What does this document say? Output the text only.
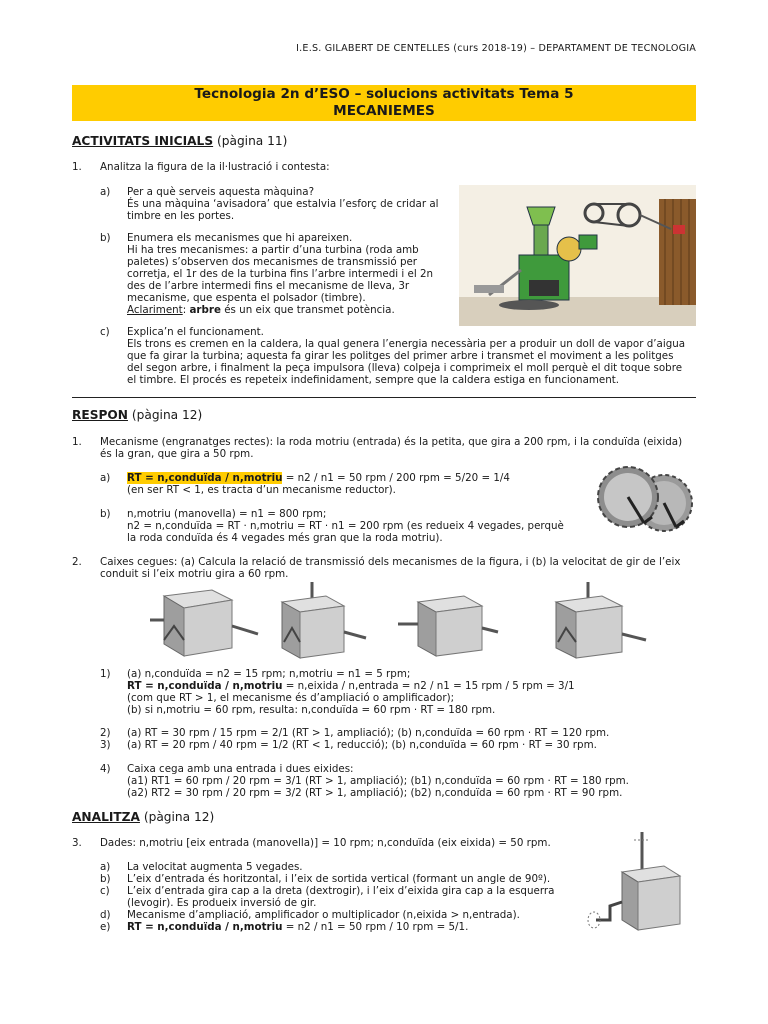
I.E.S. GILABERT DE CENTELLES (curs 2018-19) – DEPARTAMENT DE TECNOLOGIA
Tecnologia 2n d’ESO – solucions activitats Tema 5
MECANIEMES
ACTIVITATS INICIALS (pàgina 11)
1. Analitza la figura de la il·lustració i contesta:
a) Per a què serveis aquesta màquina?
És una màquina ‘avisadora’ que estalvia l’esforç de cridar al
timbre en les portes.
b) Enumera els mecanismes que hi apareixen.
Hi ha tres mecanismes: a partir d’una turbina (roda amb
paletes) s’observen dos mecanismes de transmissió per
corretja, el 1r des de la turbina fins l’arbre intermedi i el 2n
des de l’arbre intermedi fins el mecanisme de lleva, 3r
mecanisme, que espenta el polsador (timbre).
Aclariment: arbre és un eix que transmet potència.
c) Explica’n el funcionament.
Els trons es cremen en la caldera, la qual genera l’energia necessària per a produir un doll de vapor d’aigua
que fa girar la turbina; aquesta fa girar les politges del primer arbre i transmet el moviment a les politges
del segon arbre, i finalment la peça impulsora (lleva) colpeja i comprimeix el moll perquè el dit toque sobre
el timbre. El procés es repeteix indefinidament, sempre que la caldera estiga en funcionament.
RESPON (pàgina 12)
1. Mecanisme (engranatges rectes): la roda motriu (entrada) és la petita, que gira a 200 rpm, i la conduïda (eixida)
és la gran, que gira a 50 rpm.
a) RT = n,conduïda / n,motriu = n2 / n1 = 50 rpm / 200 rpm = 5/20 = 1/4
(en ser RT < 1, es tracta d’un mecanisme reductor).
b) n,motriu (manovella) = n1 = 800 rpm;
n2 = n,conduïda = RT · n,motriu = RT · n1 = 200 rpm (es redueix 4 vegades, perquè
la roda conduïda és 4 vegades més gran que la roda motriu).
2. Caixes cegues: (a) Calcula la relació de transmissió dels mecanismes de la figura, i (b) la velocitat de gir de l’eix
conduit si l’eix motriu gira a 60 rpm.
1) (a) n,conduïda = n2 = 15 rpm; n,motriu = n1 = 5 rpm;
RT = n,conduïda / n,motriu = n,eixida / n,entrada = n2 / n1 = 15 rpm / 5 rpm = 3/1
(com que RT > 1, el mecanisme és d’ampliació o amplificador);
(b) si n,motriu = 60 rpm, resulta: n,conduïda = 60 rpm · RT = 180 rpm.
2) (a) RT = 30 rpm / 15 rpm = 2/1 (RT > 1, ampliació); (b) n,conduïda = 60 rpm · RT = 120 rpm.
3) (a) RT = 20 rpm / 40 rpm = 1/2 (RT < 1, reducció); (b) n,conduïda = 60 rpm · RT = 30 rpm.
4) Caixa cega amb una entrada i dues eixides:
(a1) RT1 = 60 rpm / 20 rpm = 3/1 (RT > 1, ampliació); (b1) n,conduïda = 60 rpm · RT = 180 rpm.
(a2) RT2 = 30 rpm / 20 rpm = 3/2 (RT > 1, ampliació); (b2) n,conduïda = 60 rpm · RT = 90 rpm.
ANALITZA (pàgina 12)
3. Dades: n,motriu [eix entrada (manovella)] = 10 rpm; n,conduïda (eix eixida) = 50 rpm.
a) La velocitat augmenta 5 vegades.
b) L’eix d’entrada és horitzontal, i l’eix de sortida vertical (formant un angle de 90º).
c) L’eix d’entrada gira cap a la dreta (dextrogir), i l’eix d’eixida gira cap a la esquerra
(levogir). Es produeix inversió de gir.
d) Mecanisme d’ampliació, amplificador o multiplicador (n,eixida > n,entrada).
e) RT = n,conduïda / n,motriu = n2 / n1 = 50 rpm / 10 rpm = 5/1.
